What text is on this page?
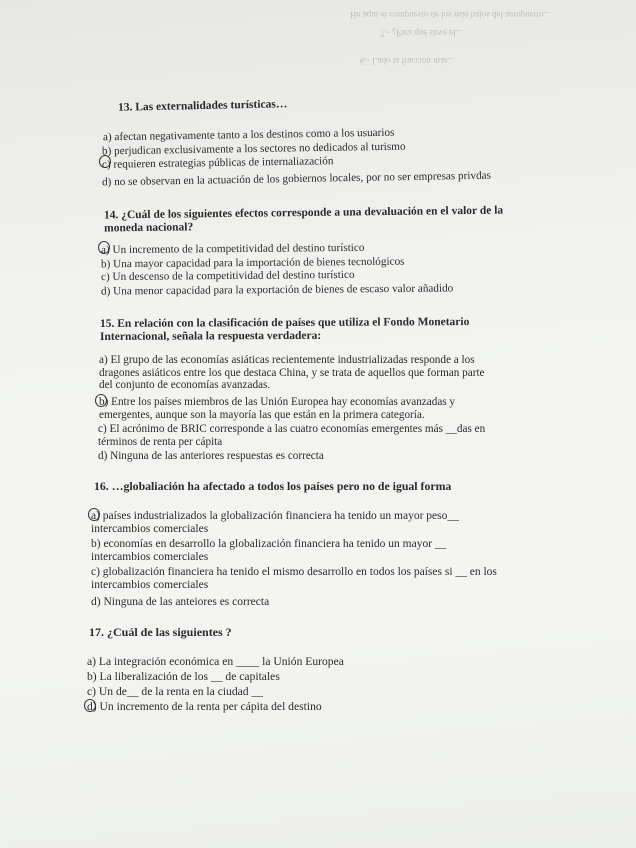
He aquí el compuesto de los más bajos del aeropuerto...
7.- ¿Para qué sirve el...
6.- Lado la fracción más...
13. Las externalidades turísticas…
a) afectan negativamente tanto a los destinos como a los usuarios
b) perjudican exclusivamente a los sectores no dedicados al turismo
c) requieren estrategias públicas de internaliazación
d) no se observan en la actuación de los gobiernos locales, por no ser empresas privdas
14. ¿Cuál de los siguientes efectos corresponde a una devaluación en el valor de la
moneda nacional?
a) Un incremento de la competitividad del destino turístico
b) Una mayor capacidad para la importación de bienes tecnológicos
c) Un descenso de la competitividad del destino turístico
d) Una menor capacidad para la exportación de bienes de escaso valor añadido
15. En relación con la clasificación de países que utiliza el Fondo Monetario
Internacional, señala la respuesta verdadera:
a) El grupo de las economías asiáticas recientemente industrializadas responde a los
dragones asiáticos entre los que destaca China, y se trata de aquellos que forman parte
del conjunto de economías avanzadas.
b) Entre los países miembros de las Unión Europea hay economías avanzadas y
emergentes, aunque son la mayoría las que están en la primera categoría.
c) El acrónimo de BRIC corresponde a las cuatro economías emergentes más __das en
términos de renta per cápita
d) Ninguna de las anteriores respuestas es correcta
16. …globaliación ha afectado a todos los países pero no de igual forma
a) países industrializados la globalización financiera ha tenido un mayor peso__
intercambios comerciales
b) economías en desarrollo la globalización financiera ha tenido un mayor __
intercambios comerciales
c) globalización financiera ha tenido el mismo desarrollo en todos los países si __ en los
intercambios comerciales
d) Ninguna de las anteiores es correcta
17. ¿Cuál de las siguientes ?
a) La integración económica en ____ la Unión Europea
b) La liberalización de los __ de capitales
c) Un de__ de la renta en la ciudad __
d) Un incremento de la renta per cápita del destino
